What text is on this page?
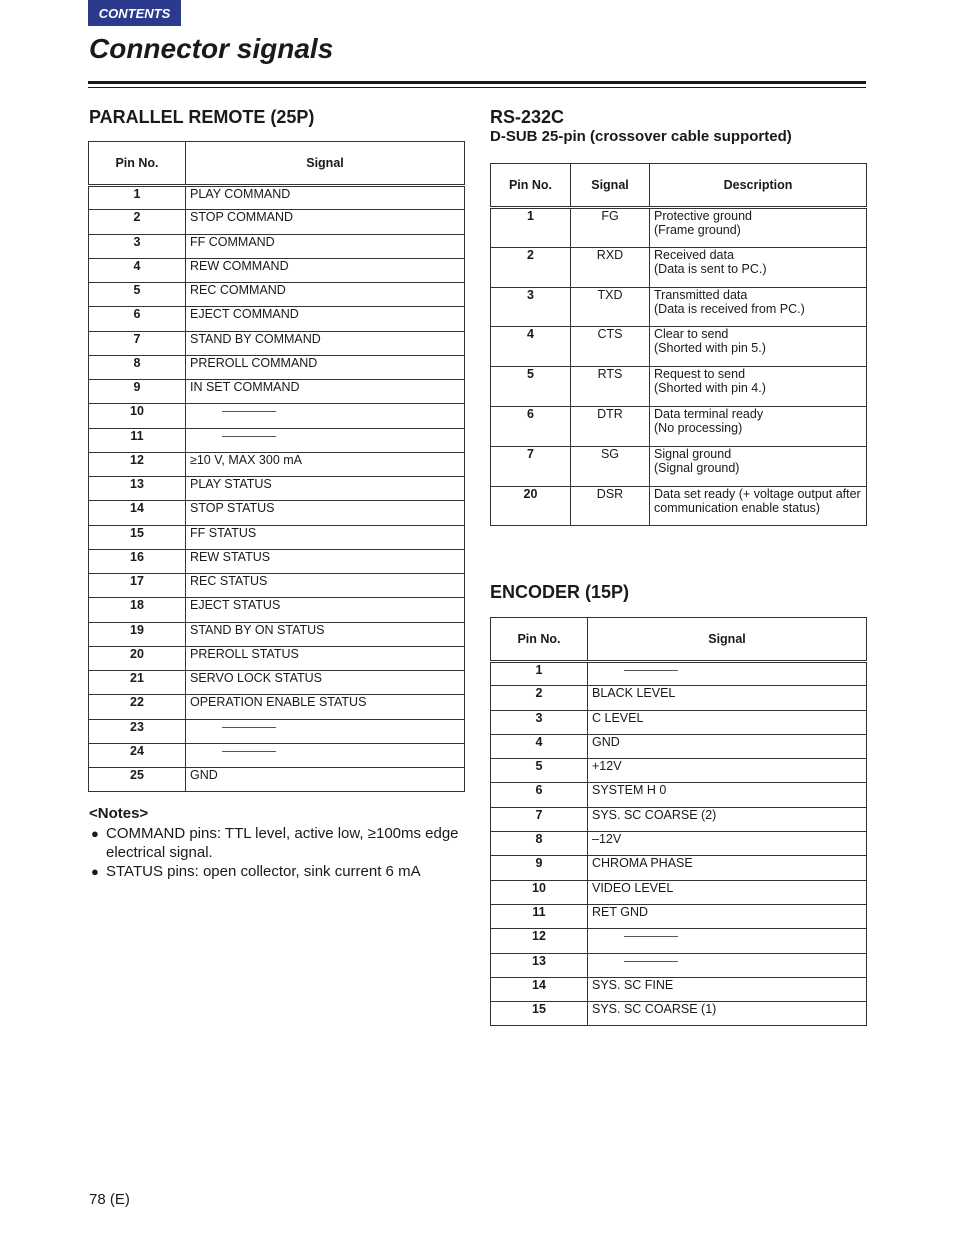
CONTENTS
Connector signals
PARALLEL REMOTE (25P)
Pin No.	Signal
1	PLAY COMMAND
2	STOP COMMAND
3	FF COMMAND
4	REW COMMAND
5	REC COMMAND
6	EJECT COMMAND
7	STAND BY COMMAND
8	PREROLL COMMAND
9	IN SET COMMAND
10	
11	
12	≥10 V, MAX 300 mA
13	PLAY STATUS
14	STOP STATUS
15	FF STATUS
16	REW STATUS
17	REC STATUS
18	EJECT STATUS
19	STAND BY ON STATUS
20	PREROLL STATUS
21	SERVO LOCK STATUS
22	OPERATION ENABLE STATUS
23	
24	
25	GND
<Notes>
● COMMAND pins: TTL level, active low, ≥100ms edge electrical signal.
● STATUS pins: open collector, sink current 6 mA
RS-232C
D-SUB 25-pin (crossover cable supported)
Pin No.	Signal	Description
1	FG	Protective ground
(Frame ground)

2	RXD	Received data
(Data is sent to PC.)

3	TXD	Transmitted data
(Data is received from PC.)

4	CTS	Clear to send
(Shorted with pin 5.)

5	RTS	Request to send
(Shorted with pin 4.)

6	DTR	Data terminal ready
(No processing)

7	SG	Signal ground
(Signal ground)

20	DSR	Data set ready (+ voltage output after
communication enable status)
ENCODER (15P)
Pin No.	Signal
1	
2	BLACK LEVEL
3	C LEVEL
4	GND
5	+12V
6	SYSTEM H 0
7	SYS. SC COARSE (2)
8	–12V
9	CHROMA PHASE
10	VIDEO LEVEL
11	RET GND
12	
13	
14	SYS. SC FINE
15	SYS. SC COARSE (1)
78 (E)
